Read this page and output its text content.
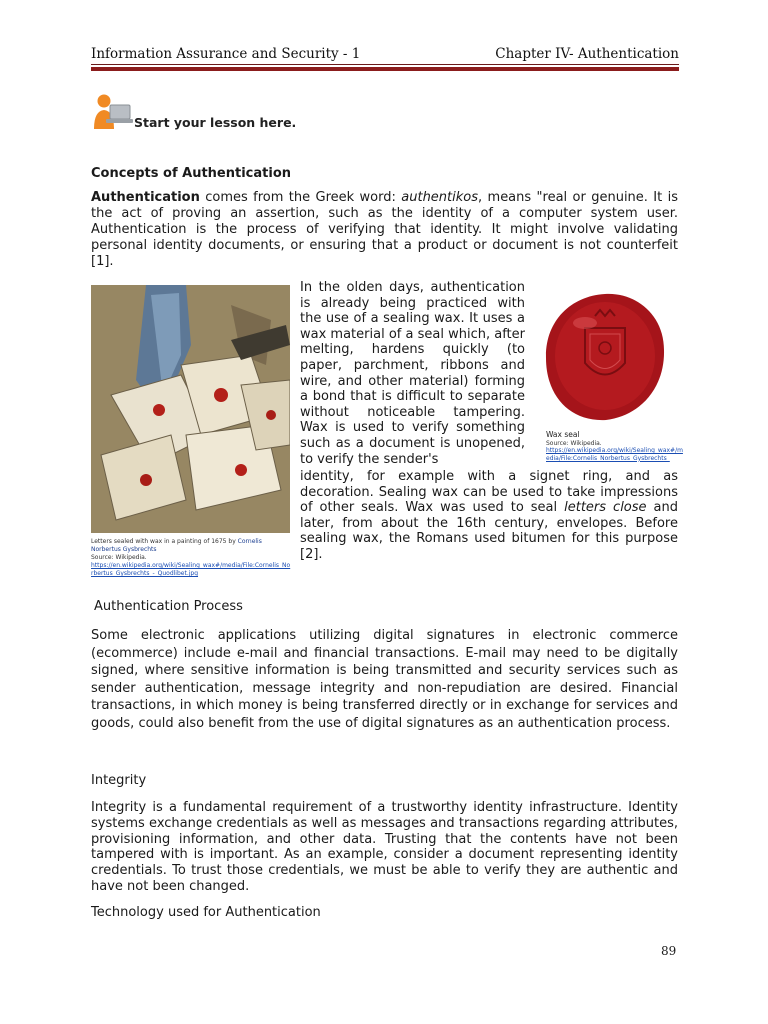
Information Assurance and Security - 1	Chapter IV- Authentication
Start your lesson here.
Concepts of Authentication
Authentication comes from the Greek word: authentikos, means "real or genuine. It is the act of proving an assertion, such as the identity of a computer system user. Authentication is the process of verifying that identity. It might involve validating personal identity documents, or ensuring that a product or document is not counterfeit [1].
Letters sealed with wax in a painting of 1675 by Cornelis Norbertus Gysbrechts
Source: Wikipedia.
https://en.wikipedia.org/wiki/Sealing_wax#/media/File:Cornelis_Norbertus_Gysbrechts_-_Quodlibet.jpg
In the olden days, authentication is already being practiced with the use of a sealing wax. It uses a wax material of a seal which, after melting, hardens quickly (to paper, parchment, ribbons and wire, and other material) forming a bond that is difficult to separate without noticeable tampering. Wax is used to verify something such as a document is unopened, to verify the sender's
Wax seal
Source: Wikipedia.
https://en.wikipedia.org/wiki/Sealing_wax#/media/File:Cornelis_Norbertus_Gysbrechts_
identity, for example with a signet ring, and as decoration. Sealing wax can be used to take impressions of other seals. Wax was used to seal letters close and later, from about the 16th century, envelopes. Before sealing wax, the Romans used bitumen for this purpose [2].
Authentication Process
Some electronic applications utilizing digital signatures in electronic commerce (ecommerce) include e-mail and financial transactions. E-mail may need to be digitally signed, where sensitive information is being transmitted and security services such as sender authentication, message integrity and non-repudiation are desired. Financial transactions, in which money is being transferred directly or in exchange for services and goods, could also benefit from the use of digital signatures as an authentication process.
Integrity
Integrity is a fundamental requirement of a trustworthy identity infrastructure. Identity systems exchange credentials as well as messages and transactions regarding attributes, provisioning information, and other data. Trusting that the contents have not been tampered with is important. As an example, consider a document representing identity credentials. To trust those credentials, we must be able to verify they are authentic and have not been changed.
Technology used for Authentication
89
